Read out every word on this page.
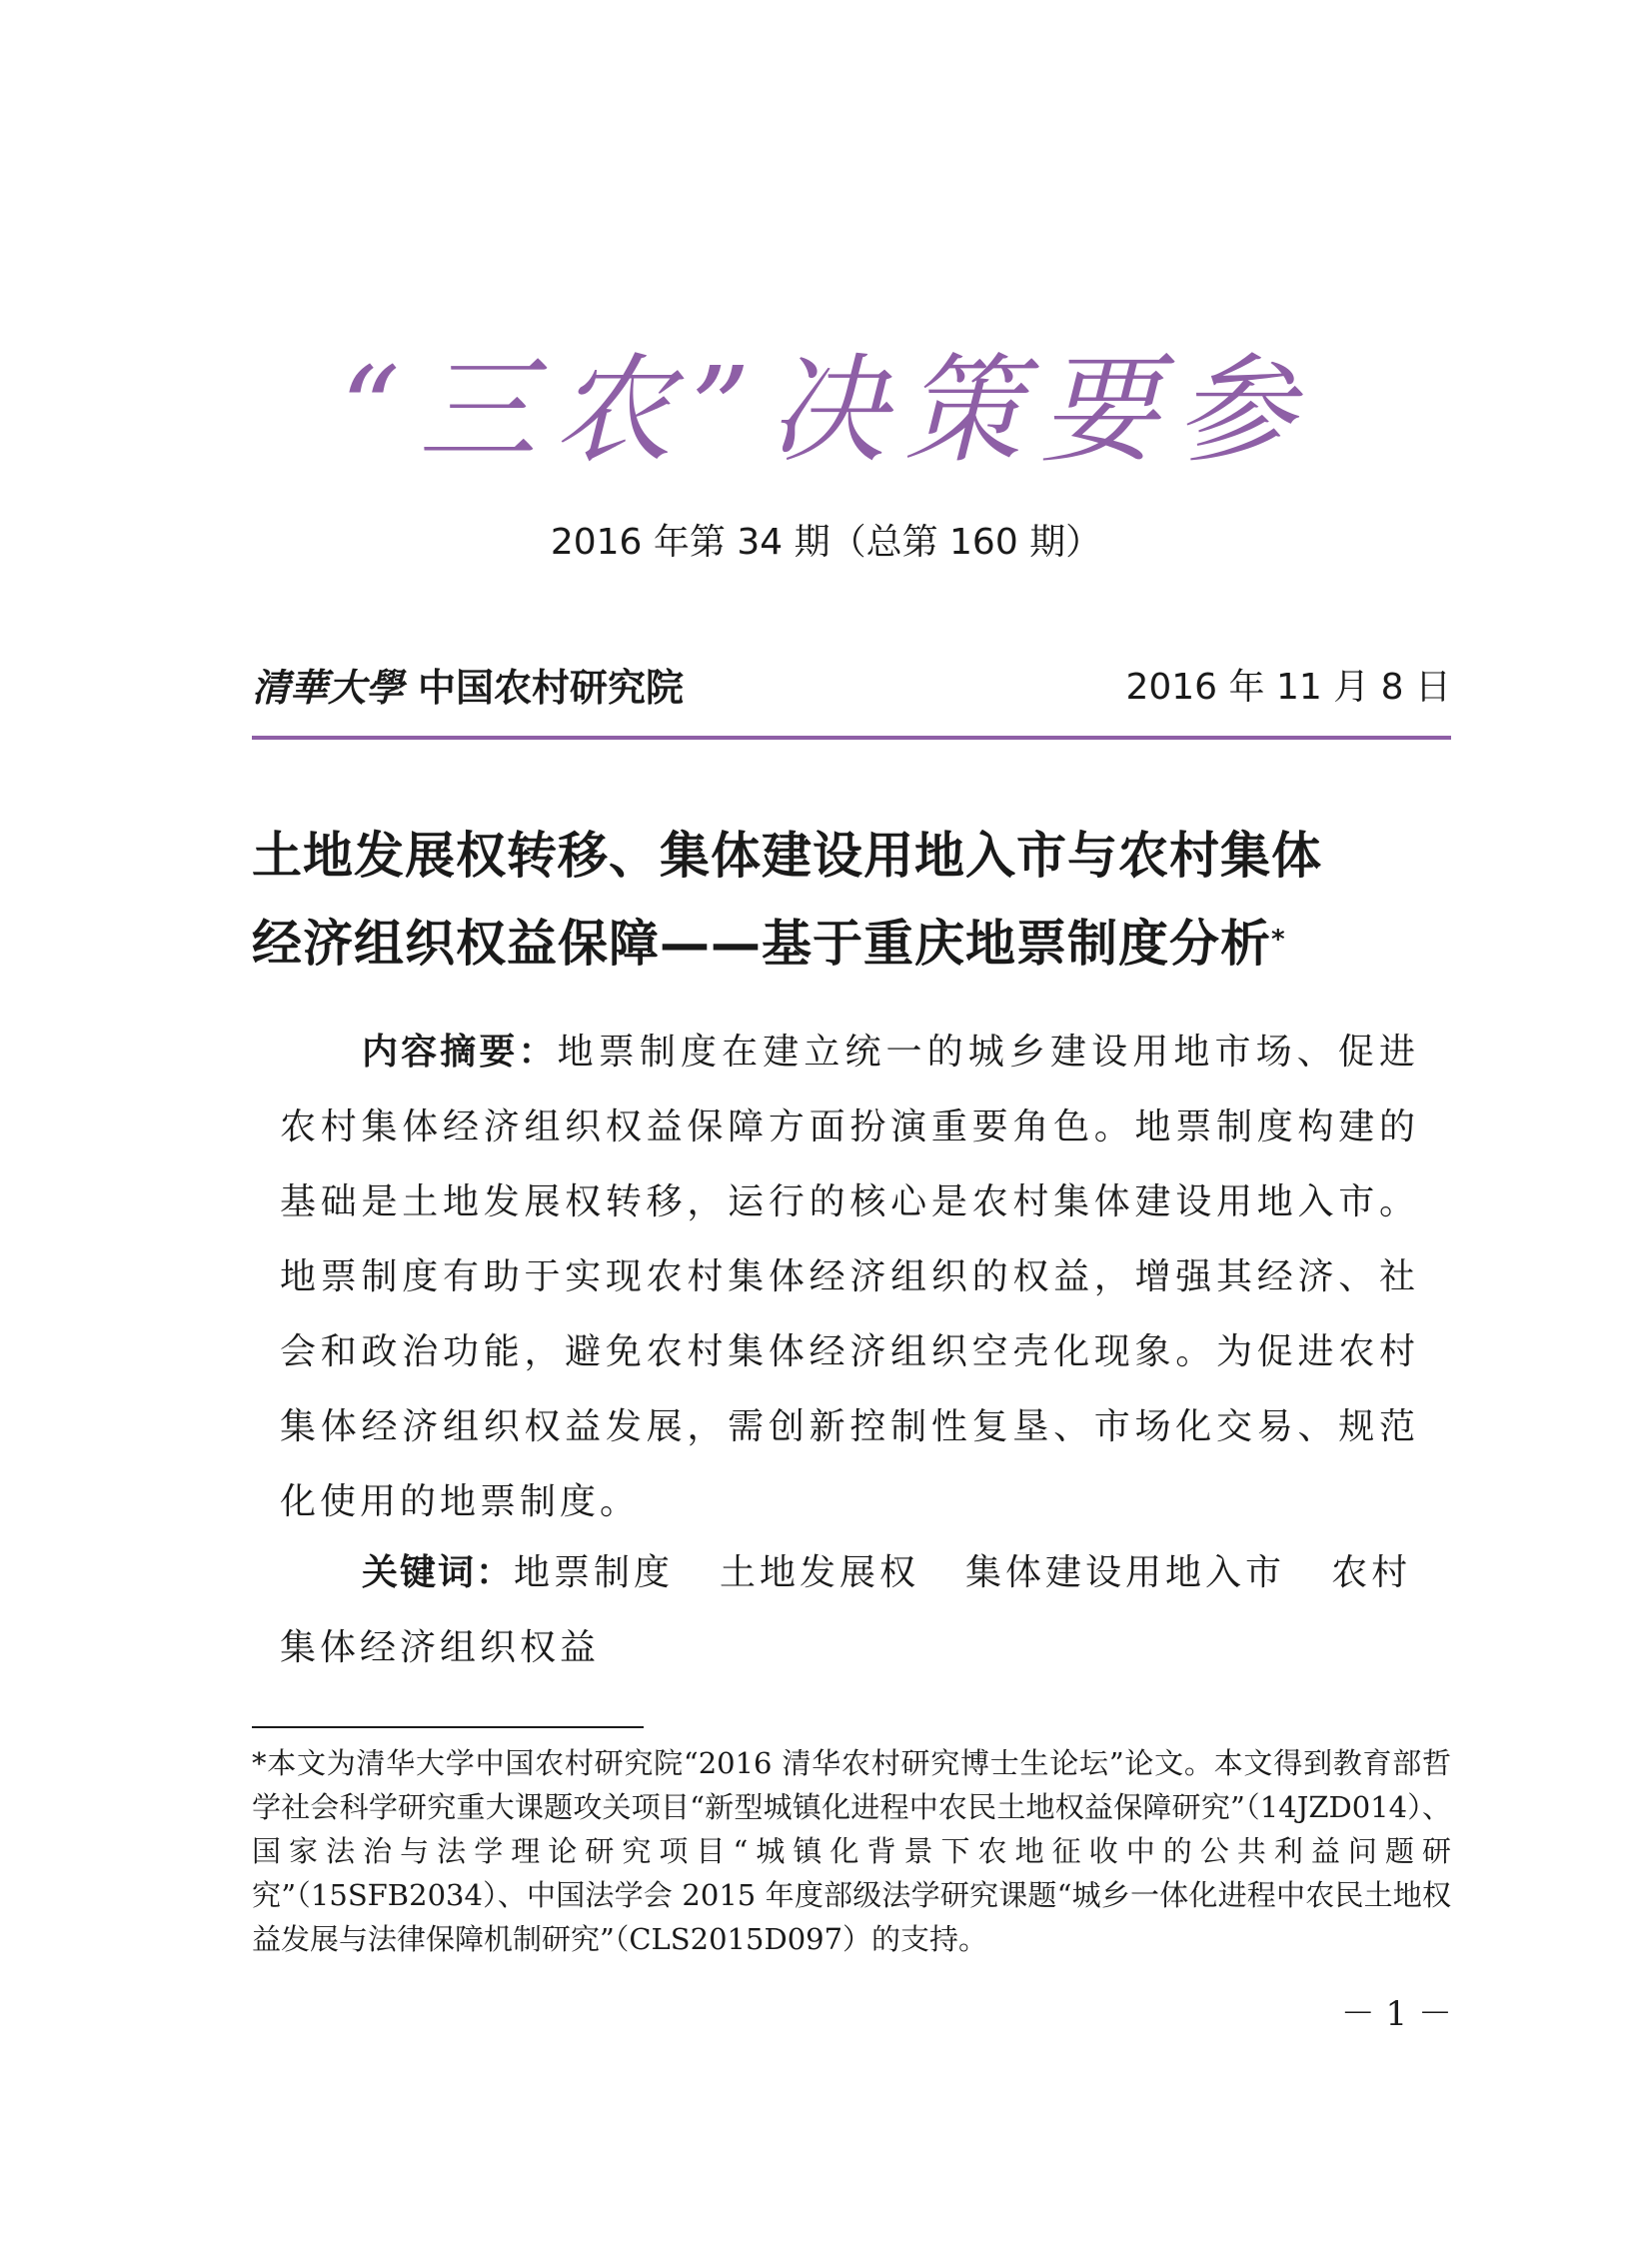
“三农”决策要参
2016 年第 34 期（总第 160 期）
清華大學 中国农村研究院	2016 年 11 月 8 日
土地发展权转移、集体建设用地入市与农村集体
经济组织权益保障——基于重庆地票制度分析*
内容摘要：地票制度在建立统一的城乡建设用地市场、促进农村集体经济组织权益保障方面扮演重要角色。地票制度构建的基础是土地发展权转移，运行的核心是农村集体建设用地入市。地票制度有助于实现农村集体经济组织的权益，增强其经济、社会和政治功能，避免农村集体经济组织空壳化现象。为促进农村集体经济组织权益发展，需创新控制性复垦、市场化交易、规范化使用的地票制度。
关键词：地票制度 土地发展权 集体建设用地入市 农村集体经济组织权益
*本文为清华大学中国农村研究院“2016 清华农村研究博士生论坛”论文。本文得到教育部哲学社会科学研究重大课题攻关项目“新型城镇化进程中农民土地权益保障研究”（14JZD014）、国家法治与法学理论研究项目“城镇化背景下农地征收中的公共利益问题研究”（15SFB2034）、中国法学会 2015 年度部级法学研究课题“城乡一体化进程中农民土地权益发展与法律保障机制研究”（CLS2015D097）的支持。
－ 1 －
